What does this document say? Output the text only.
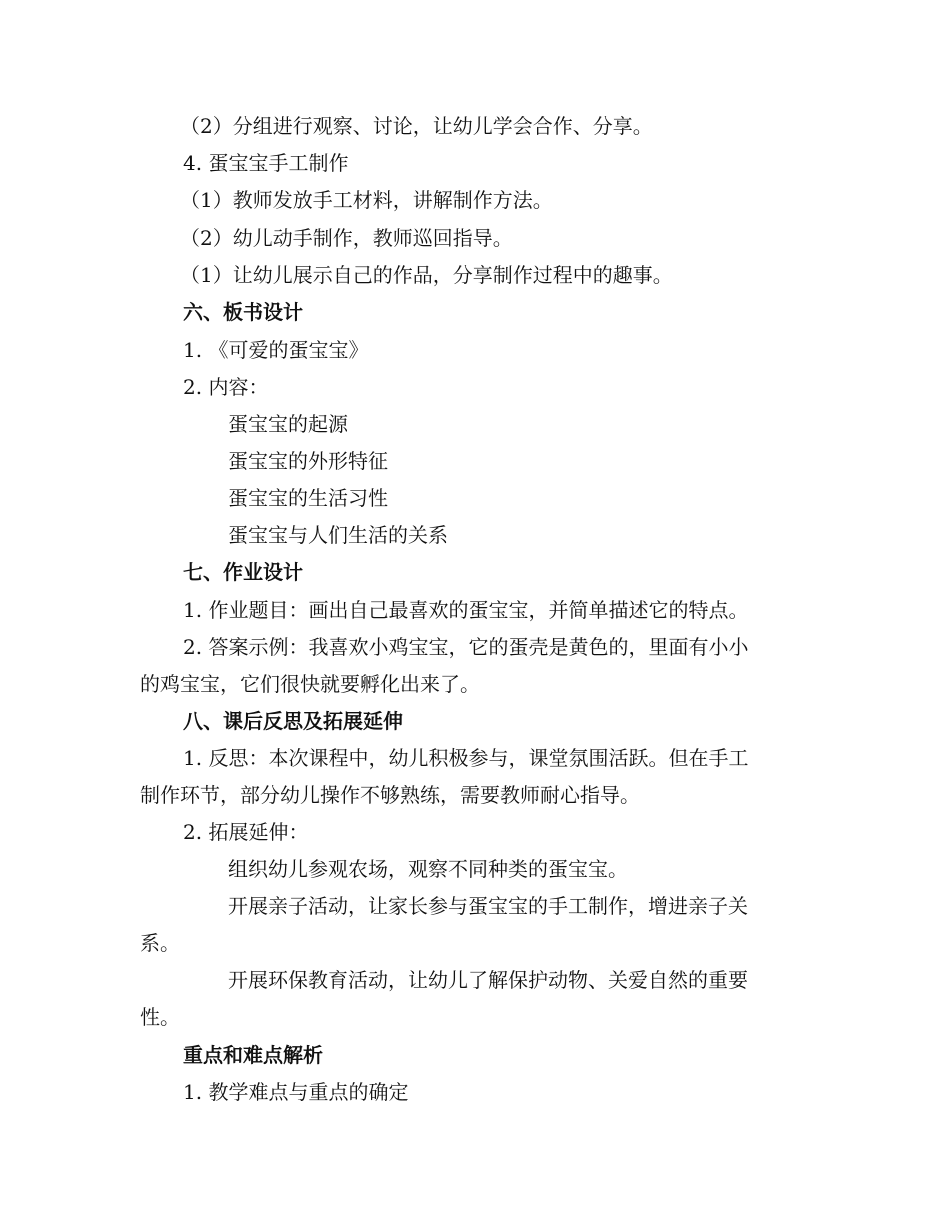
（2）分组进行观察、讨论，让幼儿学会合作、分享。
4. 蛋宝宝手工制作
（1）教师发放手工材料，讲解制作方法。
（2）幼儿动手制作，教师巡回指导。
（1）让幼儿展示自己的作品，分享制作过程中的趣事。
六、板书设计
1. 《可爱的蛋宝宝》
2. 内容：
蛋宝宝的起源
蛋宝宝的外形特征
蛋宝宝的生活习性
蛋宝宝与人们生活的关系
七、作业设计
1. 作业题目：画出自己最喜欢的蛋宝宝，并简单描述它的特点。
2. 答案示例：我喜欢小鸡宝宝，它的蛋壳是黄色的，里面有小小
的鸡宝宝，它们很快就要孵化出来了。
八、课后反思及拓展延伸
1. 反思：本次课程中，幼儿积极参与，课堂氛围活跃。但在手工
制作环节，部分幼儿操作不够熟练，需要教师耐心指导。
2. 拓展延伸：
组织幼儿参观农场，观察不同种类的蛋宝宝。
开展亲子活动，让家长参与蛋宝宝的手工制作，增进亲子关
系。
开展环保教育活动，让幼儿了解保护动物、关爱自然的重要
性。
重点和难点解析
1. 教学难点与重点的确定
